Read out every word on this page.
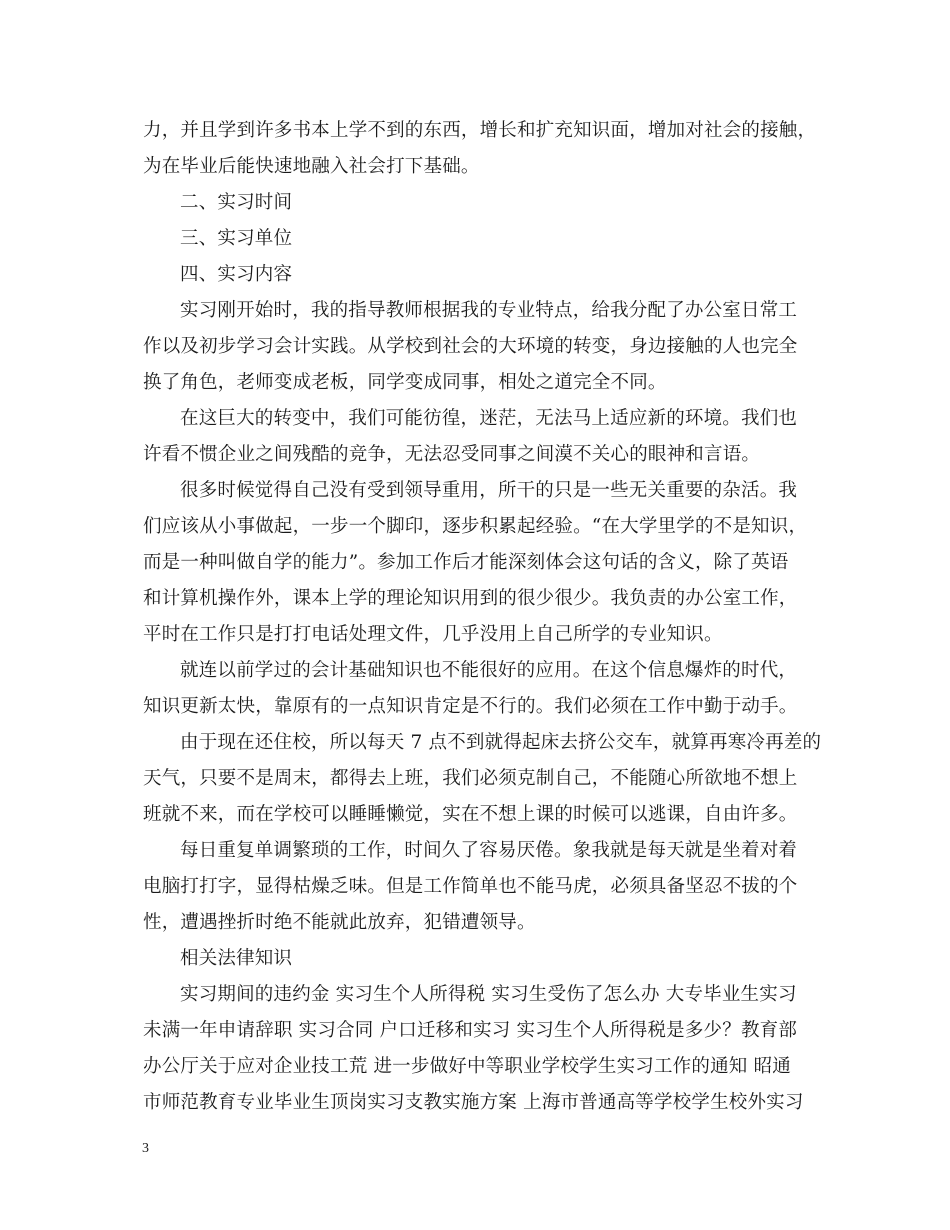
力，并且学到许多书本上学不到的东西，增长和扩充知识面，增加对社会的接触，
为在毕业后能快速地融入社会打下基础。
二、实习时间
三、实习单位
四、实习内容
实习刚开始时，我的指导教师根据我的专业特点，给我分配了办公室日常工
作以及初步学习会计实践。从学校到社会的大环境的转变，身边接触的人也完全
换了角色，老师变成老板，同学变成同事，相处之道完全不同。
在这巨大的转变中，我们可能彷徨，迷茫，无法马上适应新的环境。我们也
许看不惯企业之间残酷的竞争，无法忍受同事之间漠不关心的眼神和言语。
很多时候觉得自己没有受到领导重用，所干的只是一些无关重要的杂活。我
们应该从小事做起，一步一个脚印，逐步积累起经验。“在大学里学的不是知识，
而是一种叫做自学的能力”。参加工作后才能深刻体会这句话的含义，除了英语
和计算机操作外，课本上学的理论知识用到的很少很少。我负责的办公室工作，
平时在工作只是打打电话处理文件，几乎没用上自己所学的专业知识。
就连以前学过的会计基础知识也不能很好的应用。在这个信息爆炸的时代，
知识更新太快，靠原有的一点知识肯定是不行的。我们必须在工作中勤于动手。
由于现在还住校，所以每天 7 点不到就得起床去挤公交车，就算再寒冷再差的
天气，只要不是周末，都得去上班，我们必须克制自己，不能随心所欲地不想上
班就不来，而在学校可以睡睡懒觉，实在不想上课的时候可以逃课，自由许多。
每日重复单调繁琐的工作，时间久了容易厌倦。象我就是每天就是坐着对着
电脑打打字，显得枯燥乏味。但是工作简单也不能马虎，必须具备坚忍不拔的个
性，遭遇挫折时绝不能就此放弃，犯错遭领导。
相关法律知识
实习期间的违约金 实习生个人所得税 实习生受伤了怎么办 大专毕业生实习
未满一年申请辞职 实习合同 户口迁移和实习 实习生个人所得税是多少？教育部
办公厅关于应对企业技工荒 进一步做好中等职业学校学生实习工作的通知 昭通
市师范教育专业毕业生顶岗实习支教实施方案 上海市普通高等学校学生校外实习
3
